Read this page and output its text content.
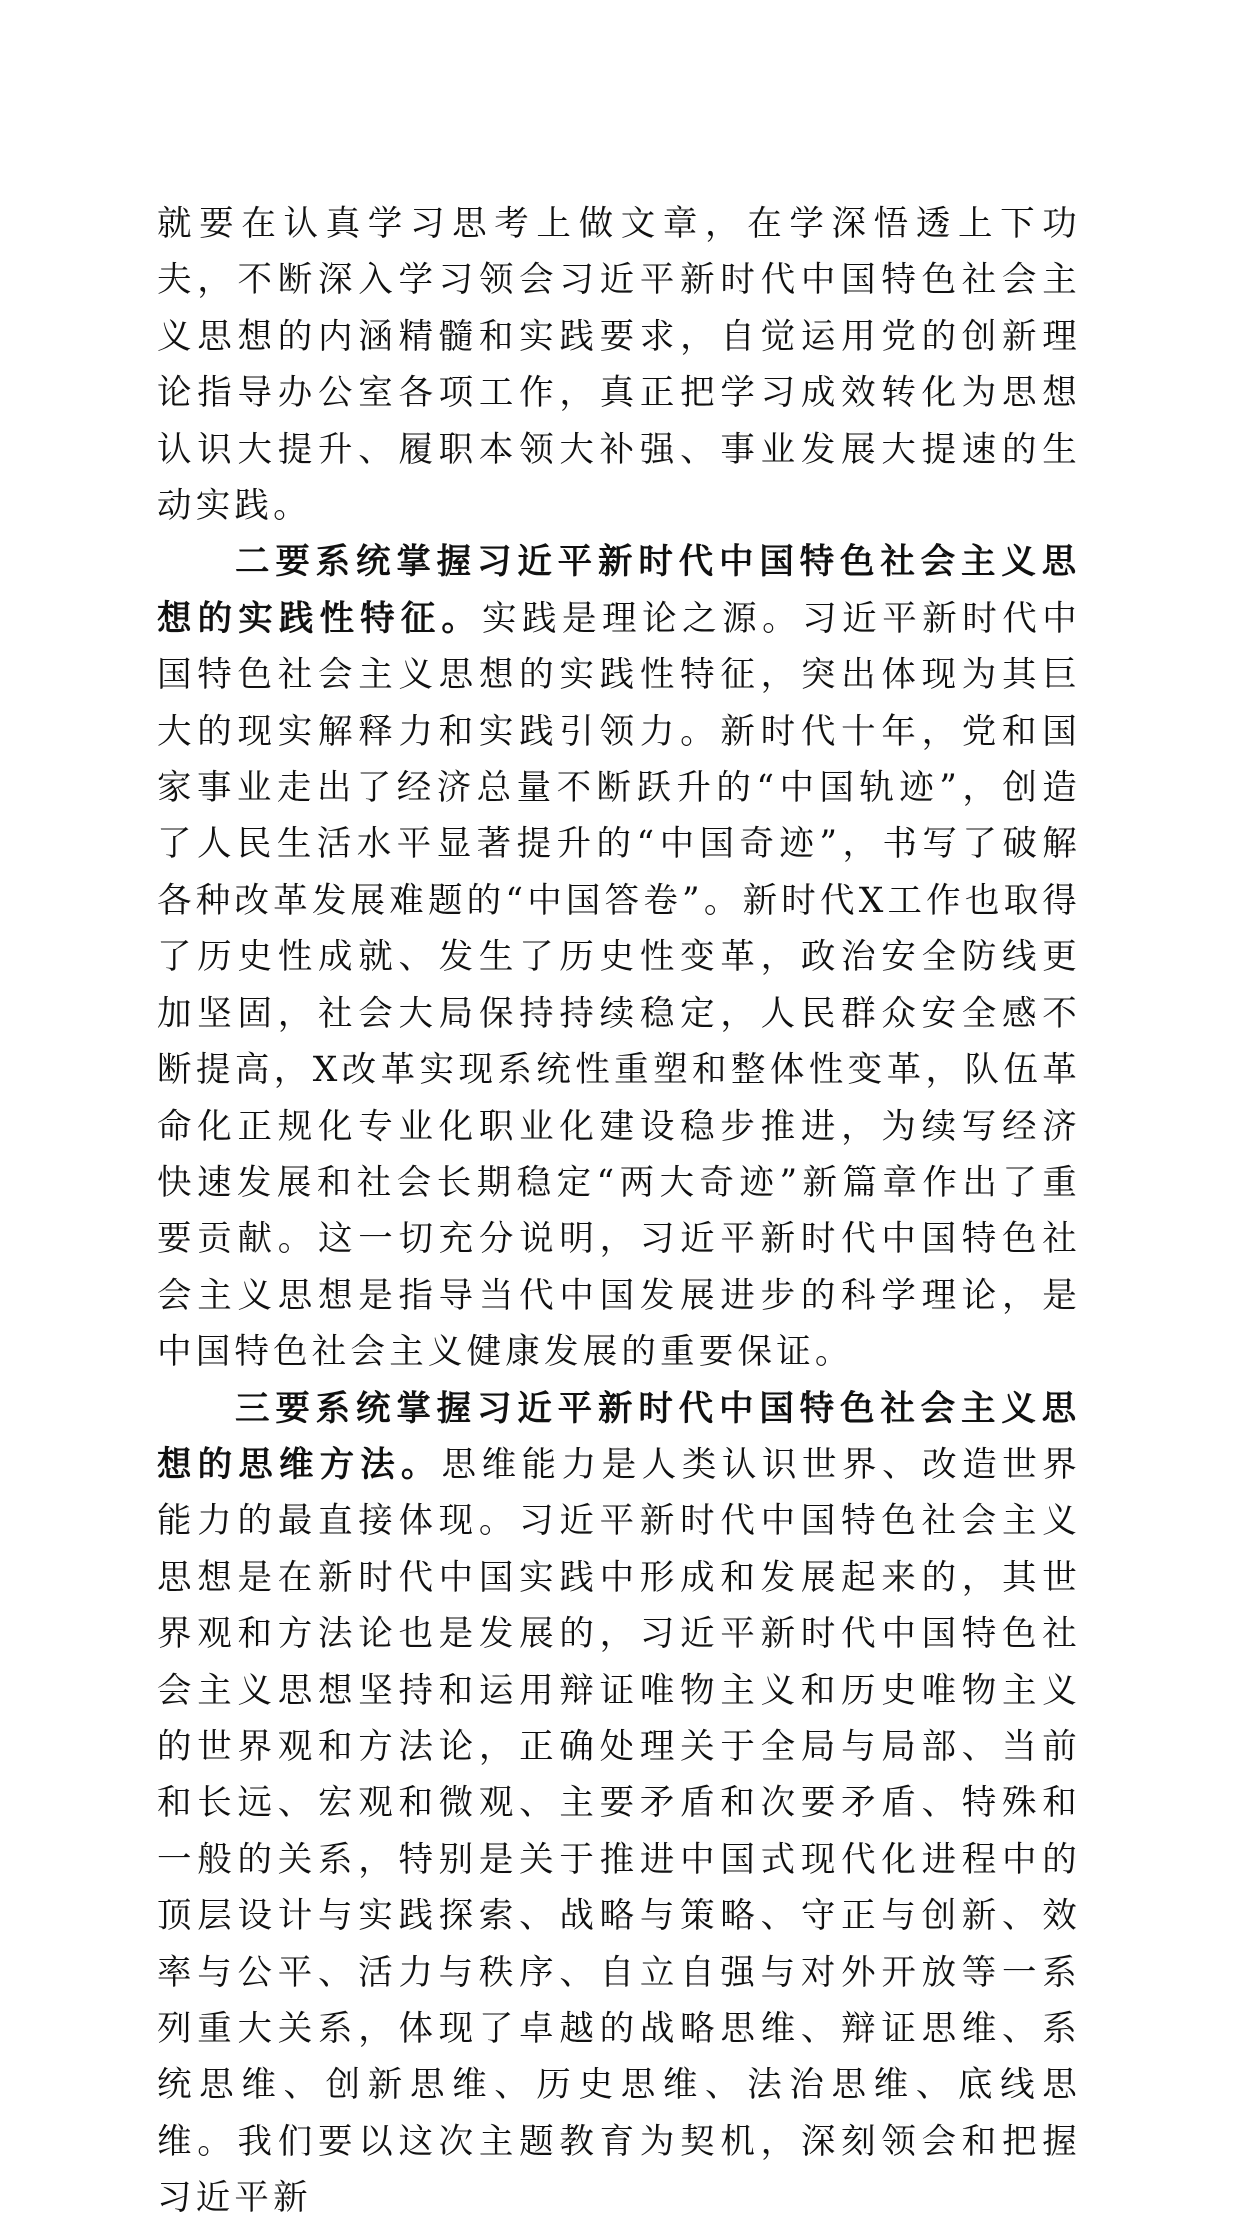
就要在认真学习思考上做文章，在学深悟透上下功夫，不断深入学习领会习近平新时代中国特色社会主义思想的内涵精髓和实践要求，自觉运用党的创新理论指导办公室各项工作，真正把学习成效转化为思想认识大提升、履职本领大补强、事业发展大提速的生动实践。

二要系统掌握习近平新时代中国特色社会主义思想的实践性特征。实践是理论之源。习近平新时代中国特色社会主义思想的实践性特征，突出体现为其巨大的现实解释力和实践引领力。新时代十年，党和国家事业走出了经济总量不断跃升的“中国轨迹”，创造了人民生活水平显著提升的“中国奇迹”，书写了破解各种改革发展难题的“中国答卷”。新时代X工作也取得了历史性成就、发生了历史性变革，政治安全防线更加坚固，社会大局保持持续稳定，人民群众安全感不断提高，X改革实现系统性重塑和整体性变革，队伍革命化正规化专业化职业化建设稳步推进，为续写经济快速发展和社会长期稳定“两大奇迹”新篇章作出了重要贡献。这一切充分说明，习近平新时代中国特色社会主义思想是指导当代中国发展进步的科学理论，是中国特色社会主义健康发展的重要保证。

三要系统掌握习近平新时代中国特色社会主义思想的思维方法。思维能力是人类认识世界、改造世界能力的最直接体现。习近平新时代中国特色社会主义思想是在新时代中国实践中形成和发展起来的，其世界观和方法论也是发展的，习近平新时代中国特色社会主义思想坚持和运用辩证唯物主义和历史唯物主义的世界观和方法论，正确处理关于全局与局部、当前和长远、宏观和微观、主要矛盾和次要矛盾、特殊和一般的关系，特别是关于推进中国式现代化进程中的顶层设计与实践探索、战略与策略、守正与创新、效率与公平、活力与秩序、自立自强与对外开放等一系列重大关系，体现了卓越的战略思维、辩证思维、系统思维、创新思维、历史思维、法治思维、底线思维。我们要以这次主题教育为契机，深刻领会和把握习近平新
